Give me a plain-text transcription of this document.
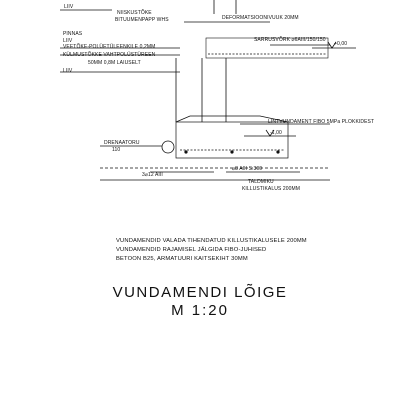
LIIV
NIISKUSTÕKE
BITUUMENPAPP WHS	DEFORMATSIOONIVUUK 20MM
PINNAS
LIIV
VEETÕKE-POLÜETÜLEENKILE 0,2MM
KÜLMUSTÕKKE VAHTPOLÜSTÜREEN
50MM 0,8M LAIUSELT
LIIV
SARRUSVÕRK ⌀6AIII/150/150
+0,00
LINTVUNDAMENT FIBO 5MPa PLOKKIDEST
-1,00
DRENAATORU
110
3⌀12 AIII
⌀8 AIII S.300
TALDMIKU
KILLUSTIKALUS 200MM
VUNDAMENDID VALADA TIHENDATUD KILLUSTIKALUSELE 200MM
VUNDAMENDID RAJAMISEL JÄLGIDA FIBO-JUHISED
BETOON B25, ARMATUURI KAITSEKIHT 30MM
VUNDAMENDI LÕIGE
M 1:20
